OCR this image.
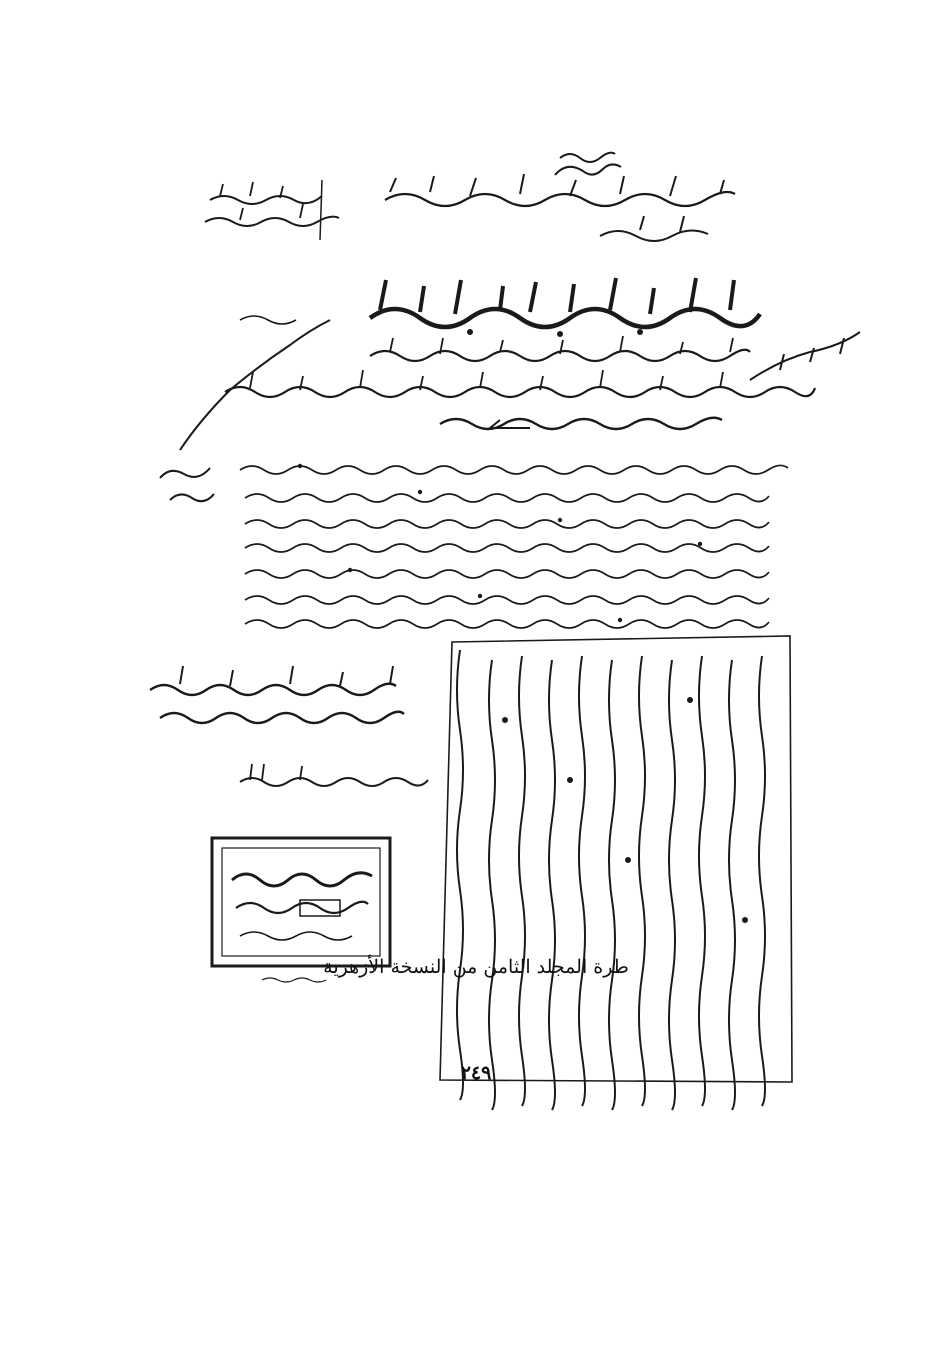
طرة المجلد الثامن من النسخة الأزهرية
٢٤٩
